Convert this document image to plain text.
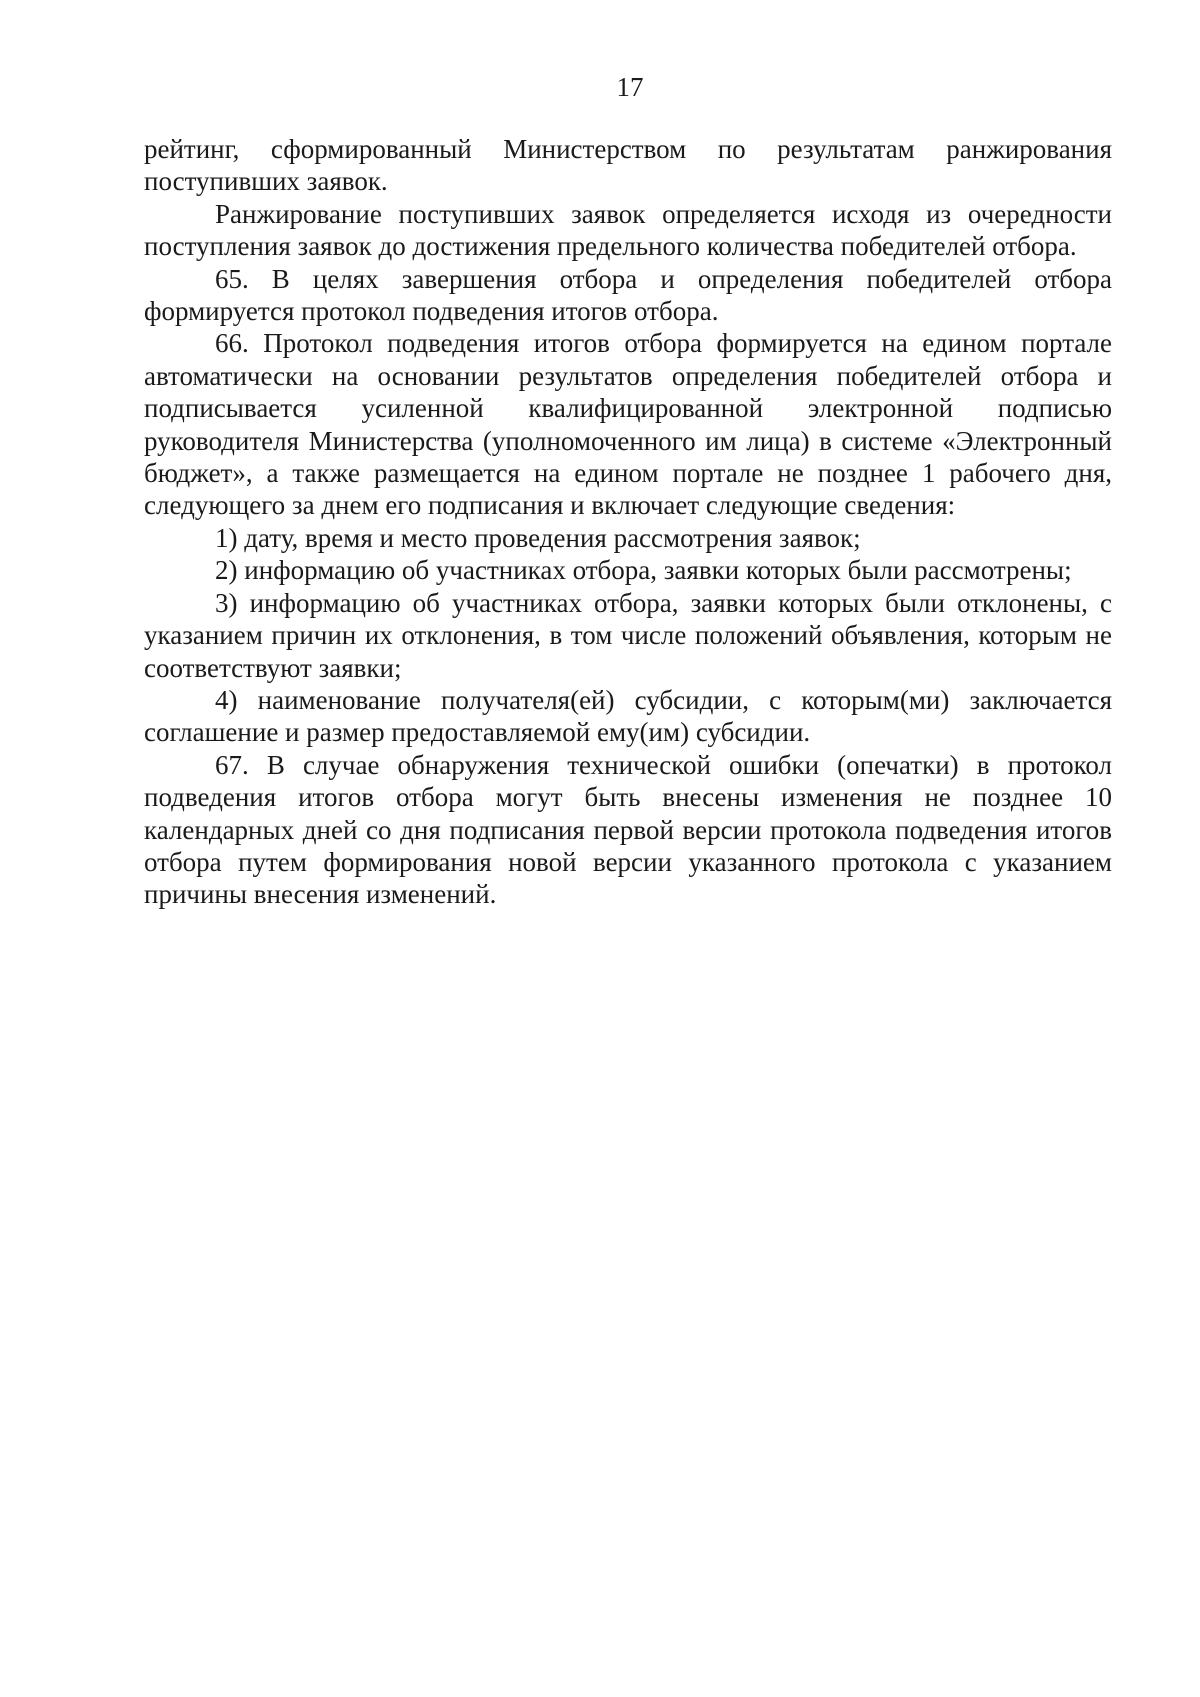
17

рейтинг, сформированный Министерством по результатам ранжирования поступивших заявок.

Ранжирование поступивших заявок определяется исходя из очередности поступления заявок до достижения предельного количества победителей отбора.

65. В целях завершения отбора и определения победителей отбора формируется протокол подведения итогов отбора.

66. Протокол подведения итогов отбора формируется на едином портале автоматически на основании результатов определения победителей отбора и подписывается усиленной квалифицированной электронной подписью руководителя Министерства (уполномоченного им лица) в системе «Электронный бюджет», а также размещается на едином портале не позднее 1 рабочего дня, следующего за днем его подписания и включает следующие сведения:

1) дату, время и место проведения рассмотрения заявок;

2) информацию об участниках отбора, заявки которых были рассмотрены;

3) информацию об участниках отбора, заявки которых были отклонены, с указанием причин их отклонения, в том числе положений объявления, которым не соответствуют заявки;

4) наименование получателя(ей) субсидии, с которым(ми) заключается соглашение и размер предоставляемой ему(им) субсидии.

67. В случае обнаружения технической ошибки (опечатки) в протокол подведения итогов отбора могут быть внесены изменения не позднее 10 календарных дней со дня подписания первой версии протокола подведения итогов отбора путем формирования новой версии указанного протокола с указанием причины внесения изменений.
